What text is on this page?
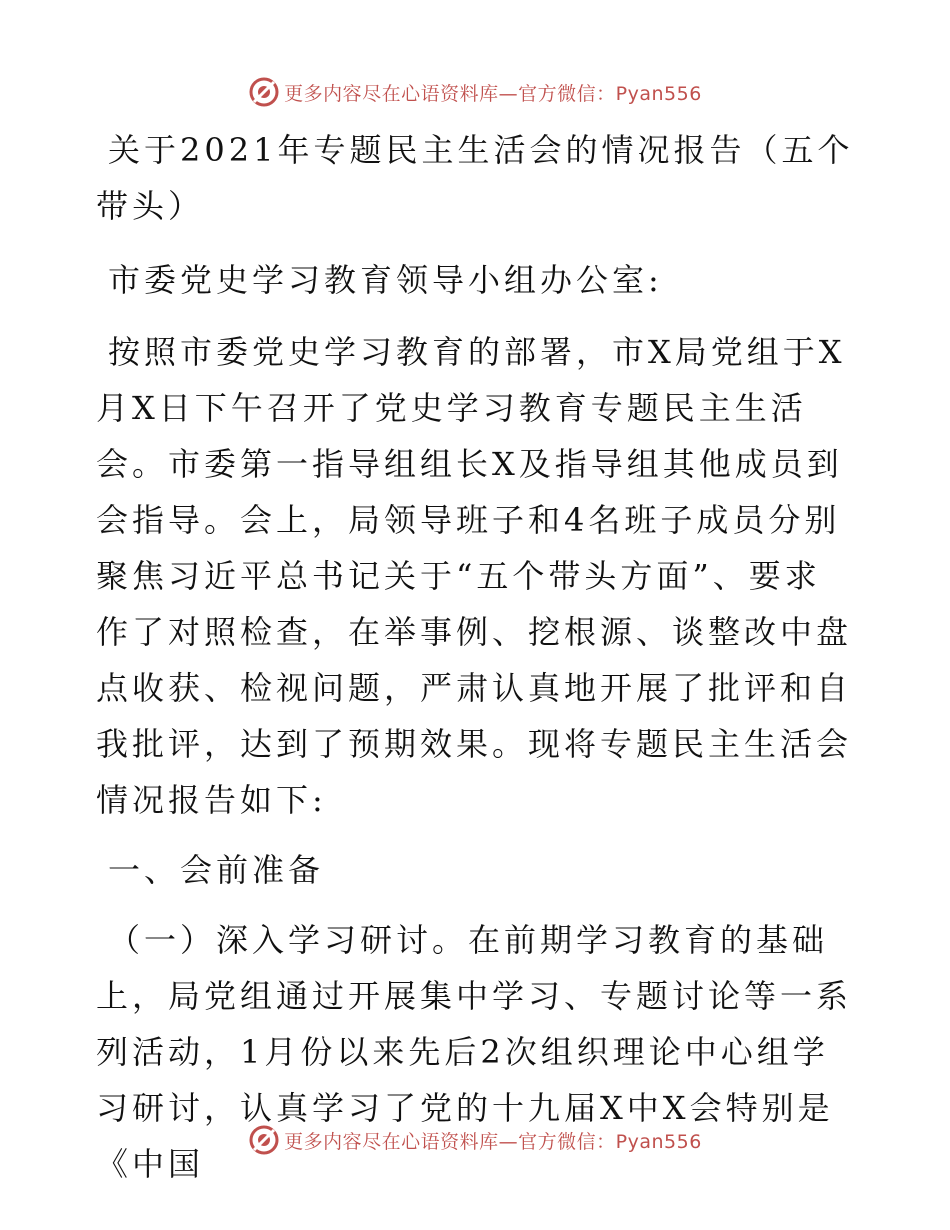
更多内容尽在心语资料库—官方微信：Pyan556

关于2021年专题民主生活会的情况报告（五个带头）

市委党史学习教育领导小组办公室:

按照市委党史学习教育的部署，市X局党组于X月X日下午召开了党史学习教育专题民主生活会。市委第一指导组组长X及指导组其他成员到会指导。会上，局领导班子和4名班子成员分别聚焦习近平总书记关于“五个带头方面”、要求作了对照检查，在举事例、挖根源、谈整改中盘点收获、检视问题，严肃认真地开展了批评和自我批评，达到了预期效果。现将专题民主生活会情况报告如下:

一、会前准备

（一）深入学习研讨。在前期学习教育的基础上，局党组通过开展集中学习、专题讨论等一系列活动，1月份以来先后2次组织理论中心组学习研讨，认真学习了党的十九届X中X会特别是《中国

更多内容尽在心语资料库—官方微信：Pyan556
